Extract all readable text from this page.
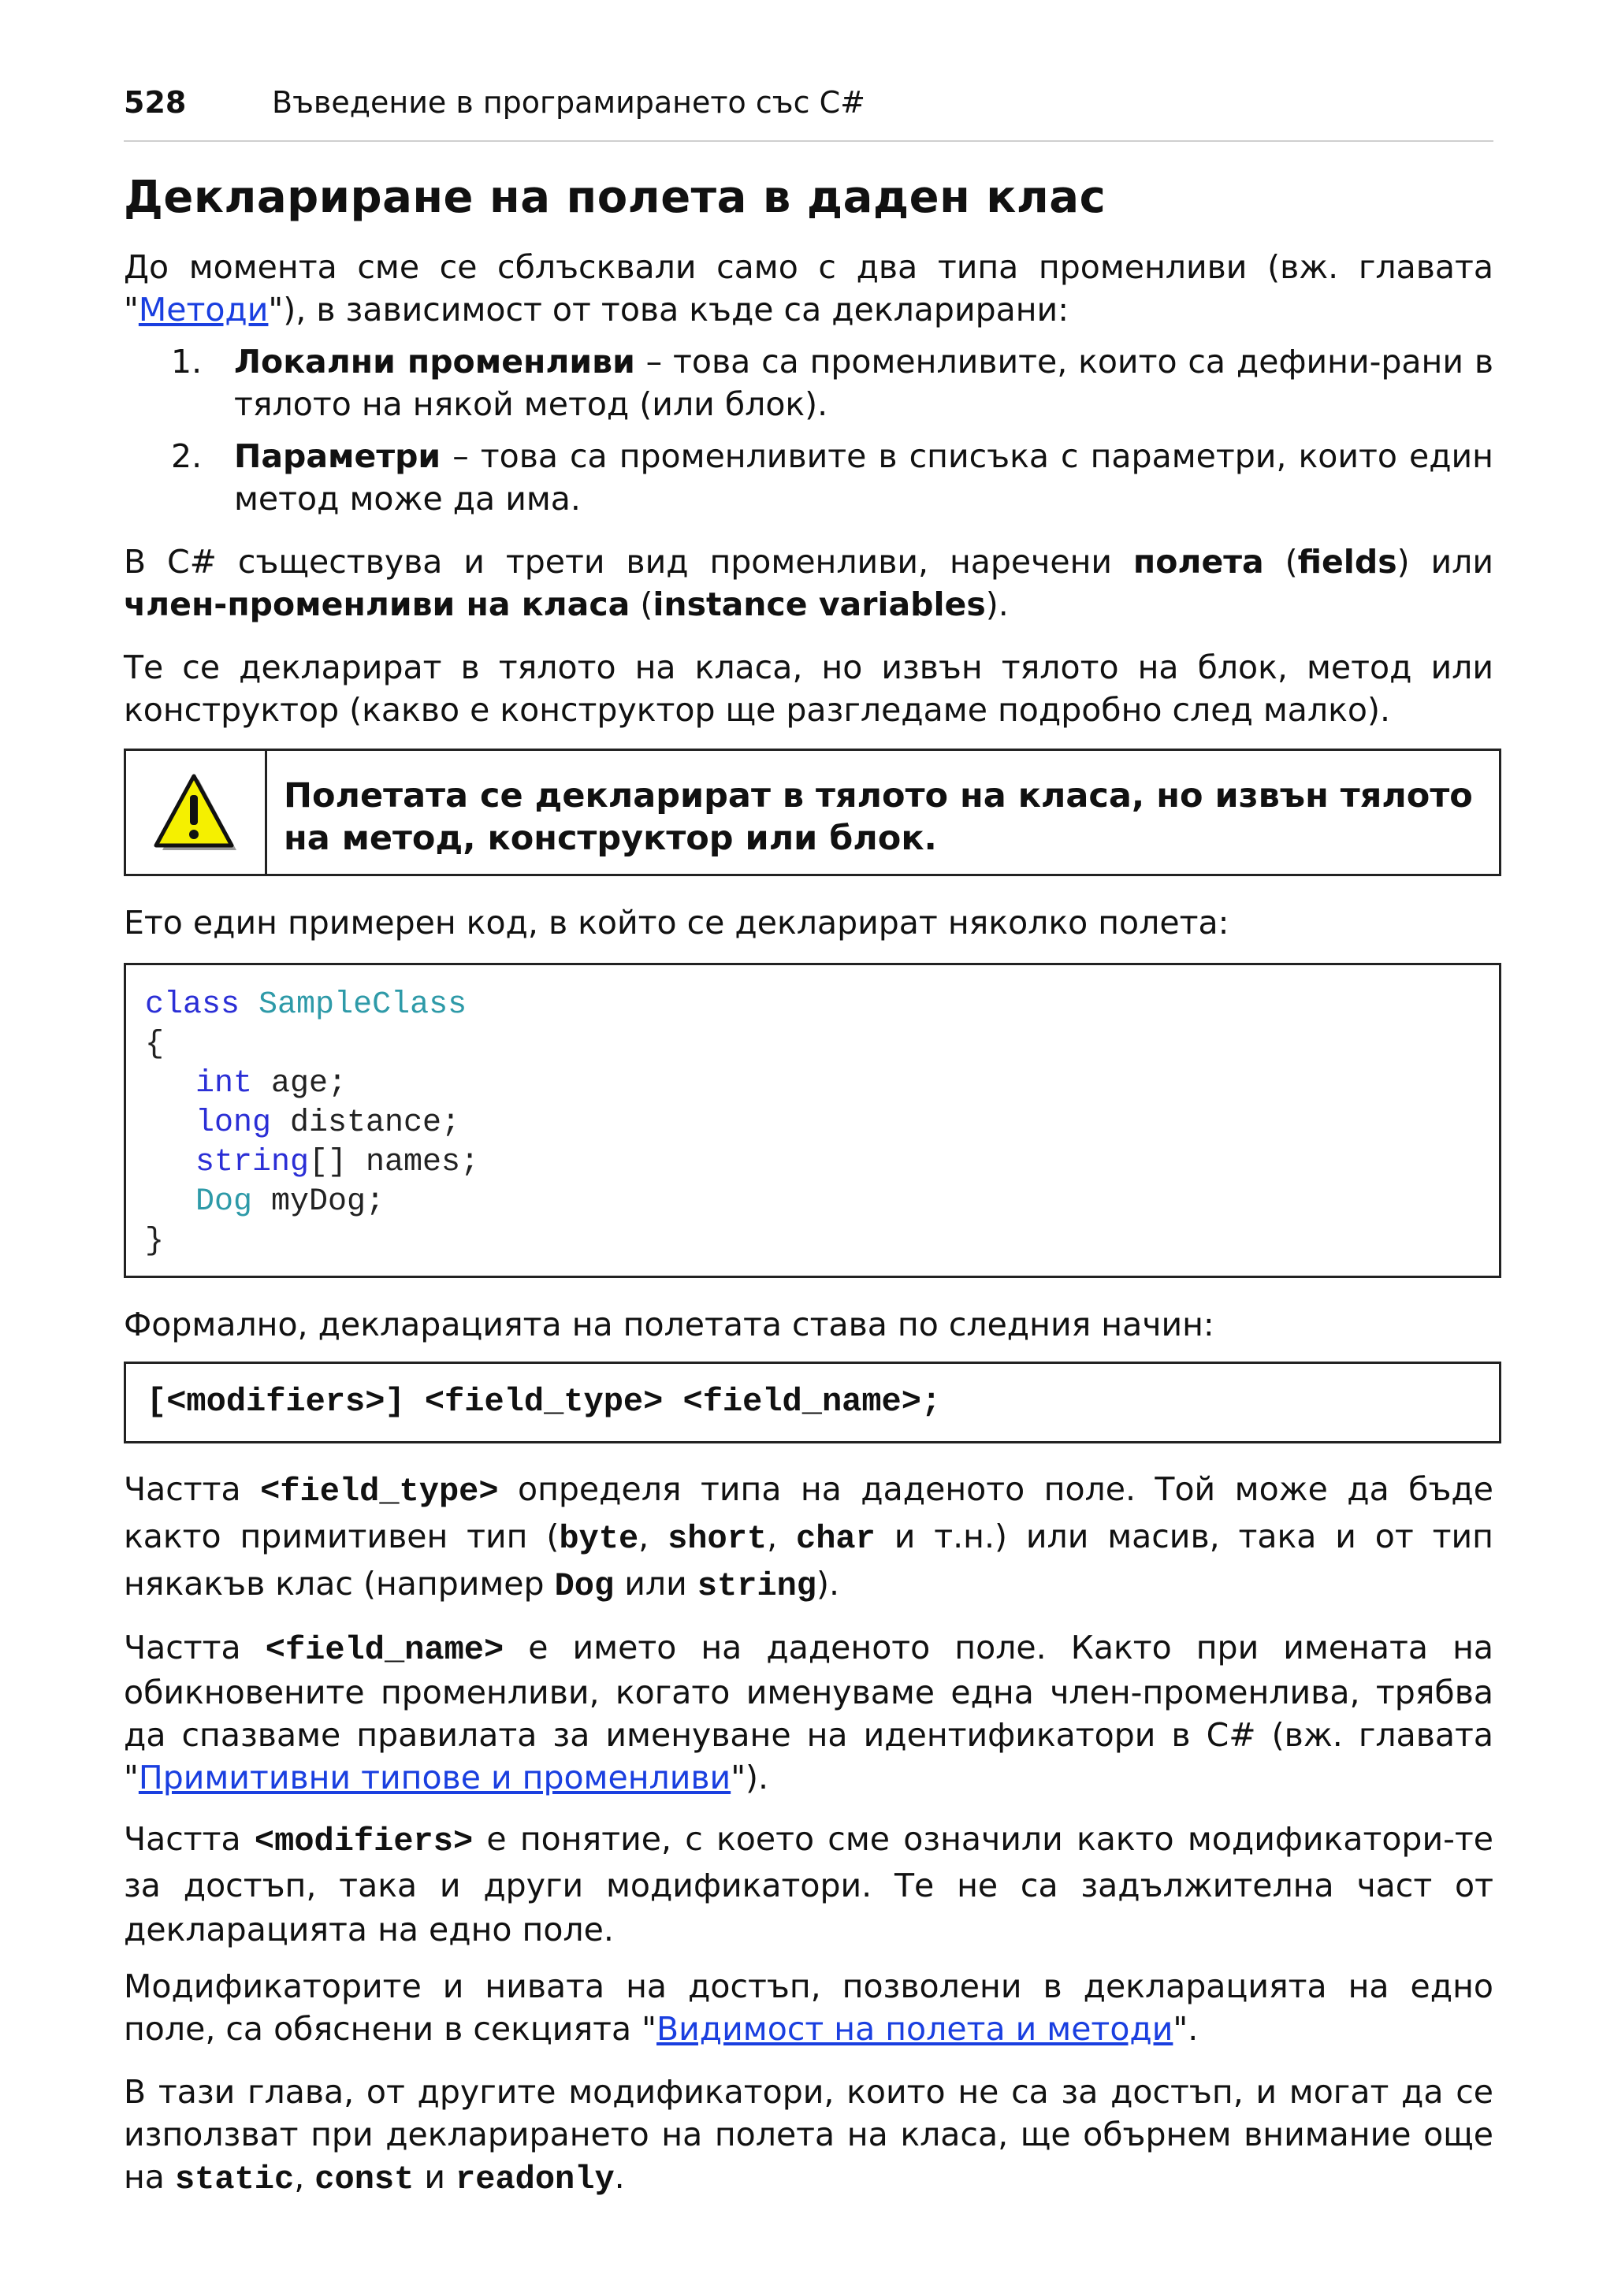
528	Въведение в програмирането със C#
Деклариране на полета в даден клас

До момента сме се сблъсквали само с два типа променливи (вж. главата "Методи"), в зависимост от това къде са декларирани:

1. Локални променливи – това са променливите, които са дефини-рани в тялото на някой метод (или блок).
2. Параметри – това са променливите в списъка с параметри, които един метод може да има.

В C# съществува и трети вид променливи, наречени полета (fields) или член-променливи на класа (instance variables).

Те се декларират в тялото на класа, но извън тялото на блок, метод или конструктор (какво е конструктор ще разгледаме подробно след малко).

Полетата се декларират в тялото на класа, но извън тялото на метод, конструктор или блок.

Ето един примерен код, в който се декларират няколко полета:

class SampleClass
{
int age;
long distance;
string[] names;
Dog myDog;
}

Формално, декларацията на полетата става по следния начин:

[<modifiers>] <field_type> <field_name>;

Частта <field_type> определя типа на даденото поле. Той може да бъде както примитивен тип (byte, short, char и т.н.) или масив, така и от тип някакъв клас (например Dog или string).

Частта <field_name> е името на даденото поле. Както при имената на обикновените променливи, когато именуваме една член-променлива, трябва да спазваме правилата за именуване на идентификатори в C# (вж. главата "Примитивни типове и променливи").

Частта <modifiers> е понятие, с което сме означили както модификатори-те за достъп, така и други модификатори. Те не са задължителна част от декларацията на едно поле.

Модификаторите и нивата на достъп, позволени в декларацията на едно поле, са обяснени в секцията "Видимост на полета и методи".

В тази глава, от другите модификатори, които не са за достъп, и могат да се използват при декларирането на полета на класа, ще обърнем внимание още на static, const и readonly.
